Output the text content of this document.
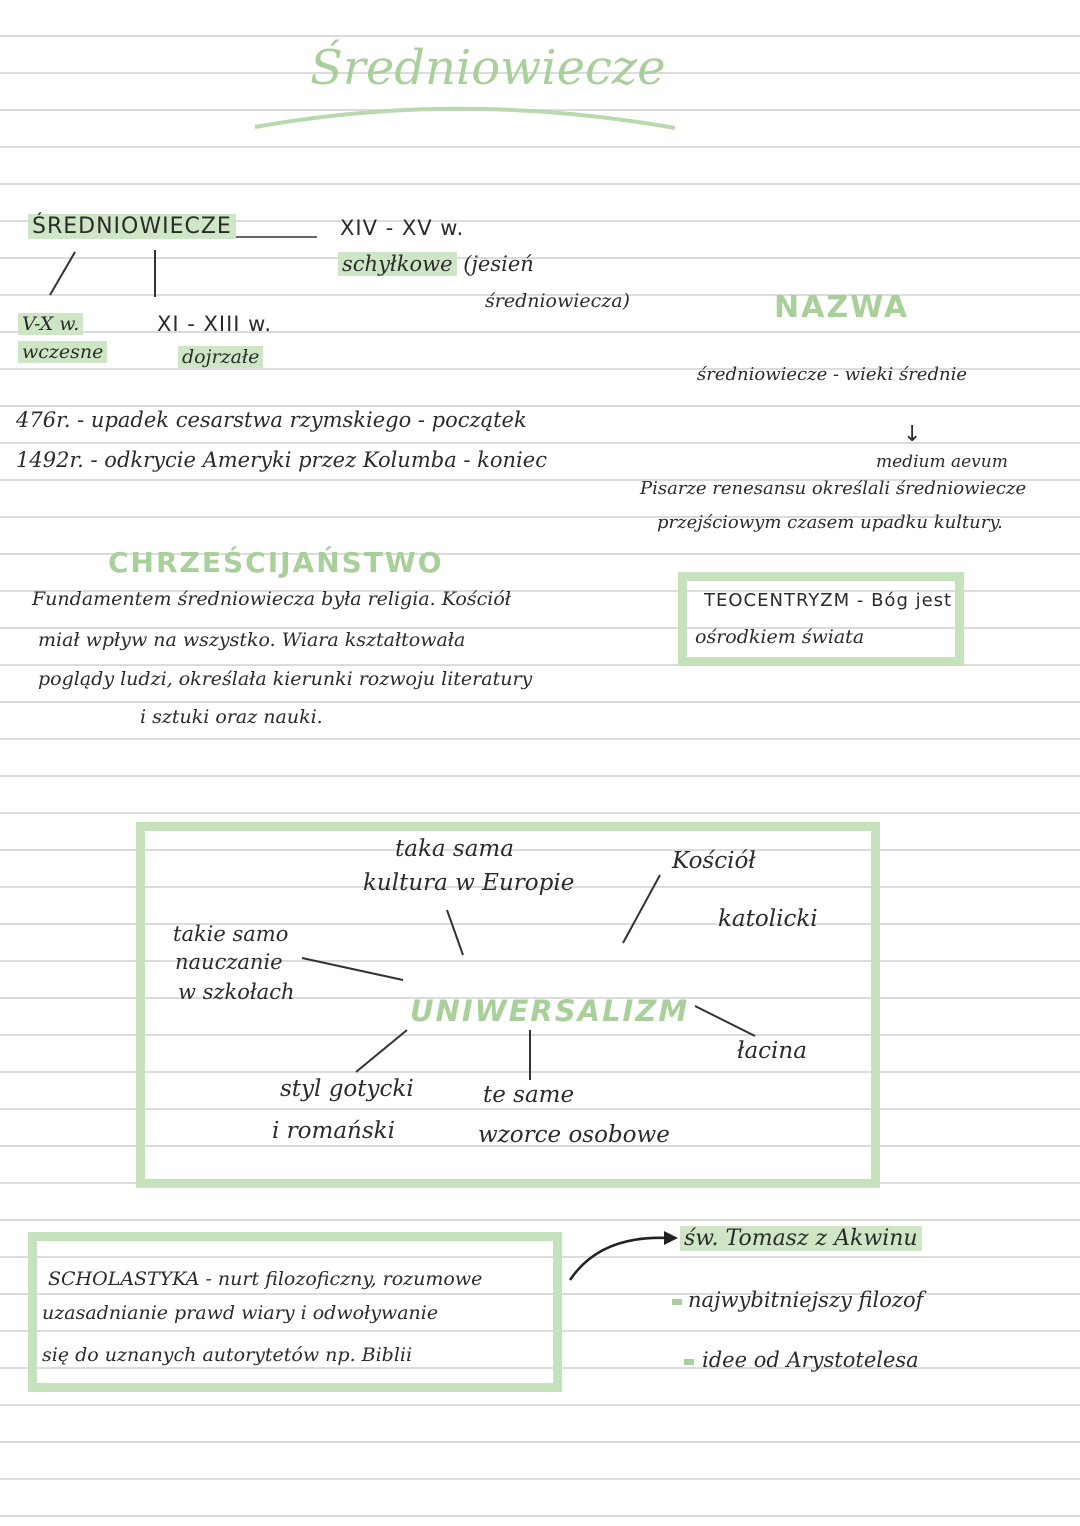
Średniowiecze
ŚREDNIOWIECZE	XIV - XV w.
schyłkowe (jesień
średniowiecza)
V-X w.
wczesne
XI - XIII w.
dojrzałe
476r. - upadek cesarstwa rzymskiego - początek
1492r. - odkrycie Ameryki przez Kolumba - koniec
NAZWA
średniowiecze - wieki średnie
↓
medium aevum
Pisarze renesansu określali średniowiecze
przejściowym czasem upadku kultury.
CHRZEŚCIJAŃSTWO
Fundamentem średniowiecza była religia. Kościół
miał wpływ na wszystko. Wiara kształtowała
poglądy ludzi, określała kierunki rozwoju literatury
i sztuki oraz nauki.
TEOCENTRYZM - Bóg jest
ośrodkiem świata
taka sama
kultura w Europie
Kościół
katolicki
takie samo
nauczanie
w szkołach
UNIWERSALIZM
łacina
styl gotycki
i romański
te same
wzorce osobowe
SCHOLASTYKA - nurt filozoficzny, rozumowe
uzasadnianie prawd wiary i odwoływanie
się do uznanych autorytetów np. Biblii
św. Tomasz z Akwinu
najwybitniejszy filozof
idee od Arystotelesa
